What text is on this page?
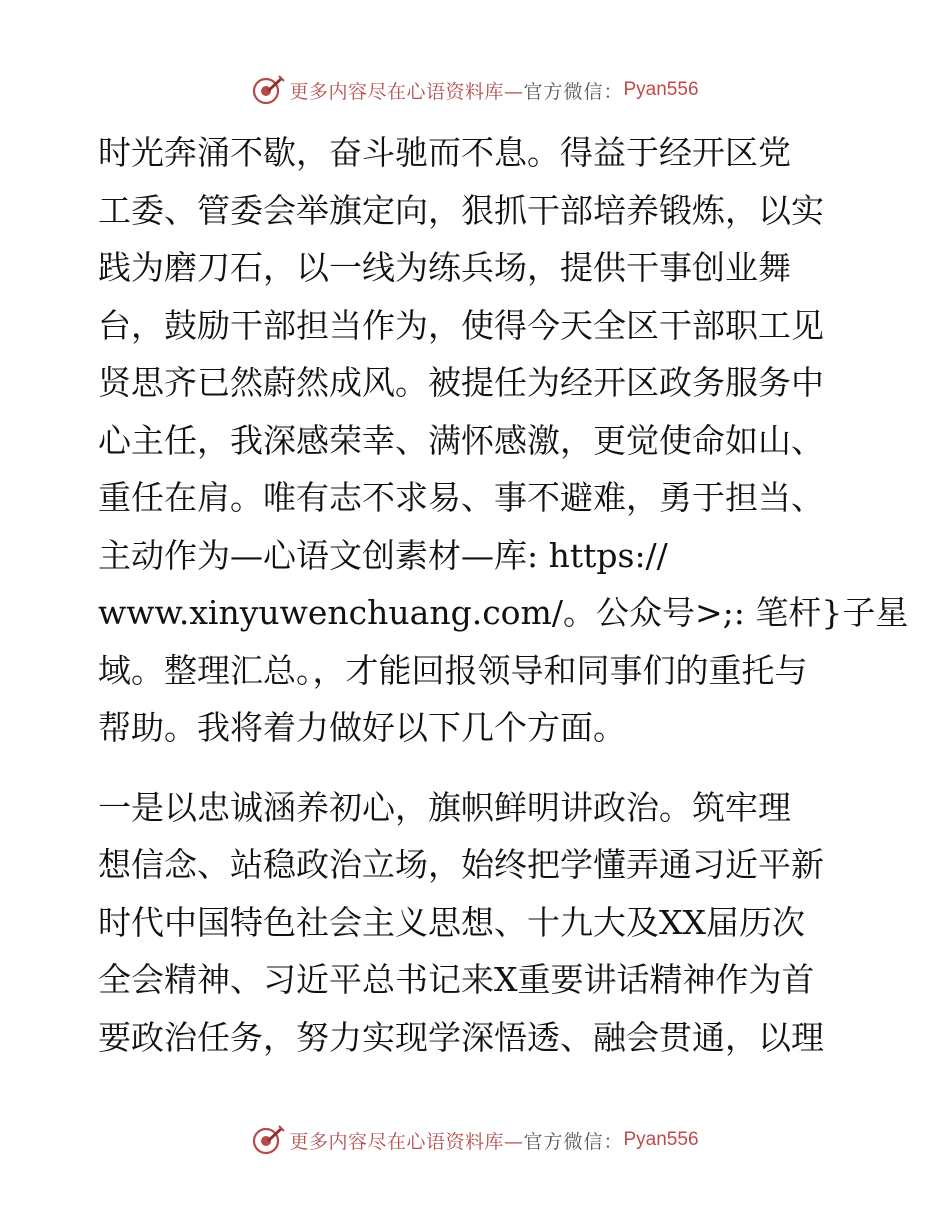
更多内容尽在心语资料库— 官方微信： Pyan556

时光奔涌不歇，奋斗驰而不息。得益于经开区党
工委、管委会举旗定向，狠抓干部培养锻炼，以实
践为磨刀石，以一线为练兵场，提供干事创业舞
台，鼓励干部担当作为，使得今天全区干部职工见
贤思齐已然蔚然成风。被提任为经开区政务服务中
心主任，我深感荣幸、满怀感激，更觉使命如山、
重任在肩。唯有志不求易、事不避难，勇于担当、
主动作为—心语文创素材—库: https://
www.xinyuwenchuang.com/。公众号>;: 笔杆}子星
域。整理汇总。，才能回报领导和同事们的重托与
帮助。我将着力做好以下几个方面。

一是以忠诚涵养初心，旗帜鲜明讲政治。筑牢理
想信念、站稳政治立场，始终把学懂弄通习近平新
时代中国特色社会主义思想、十九大及XX届历次
全会精神、习近平总书记来X重要讲话精神作为首
要政治任务，努力实现学深悟透、融会贯通，以理

更多内容尽在心语资料库— 官方微信： Pyan556
